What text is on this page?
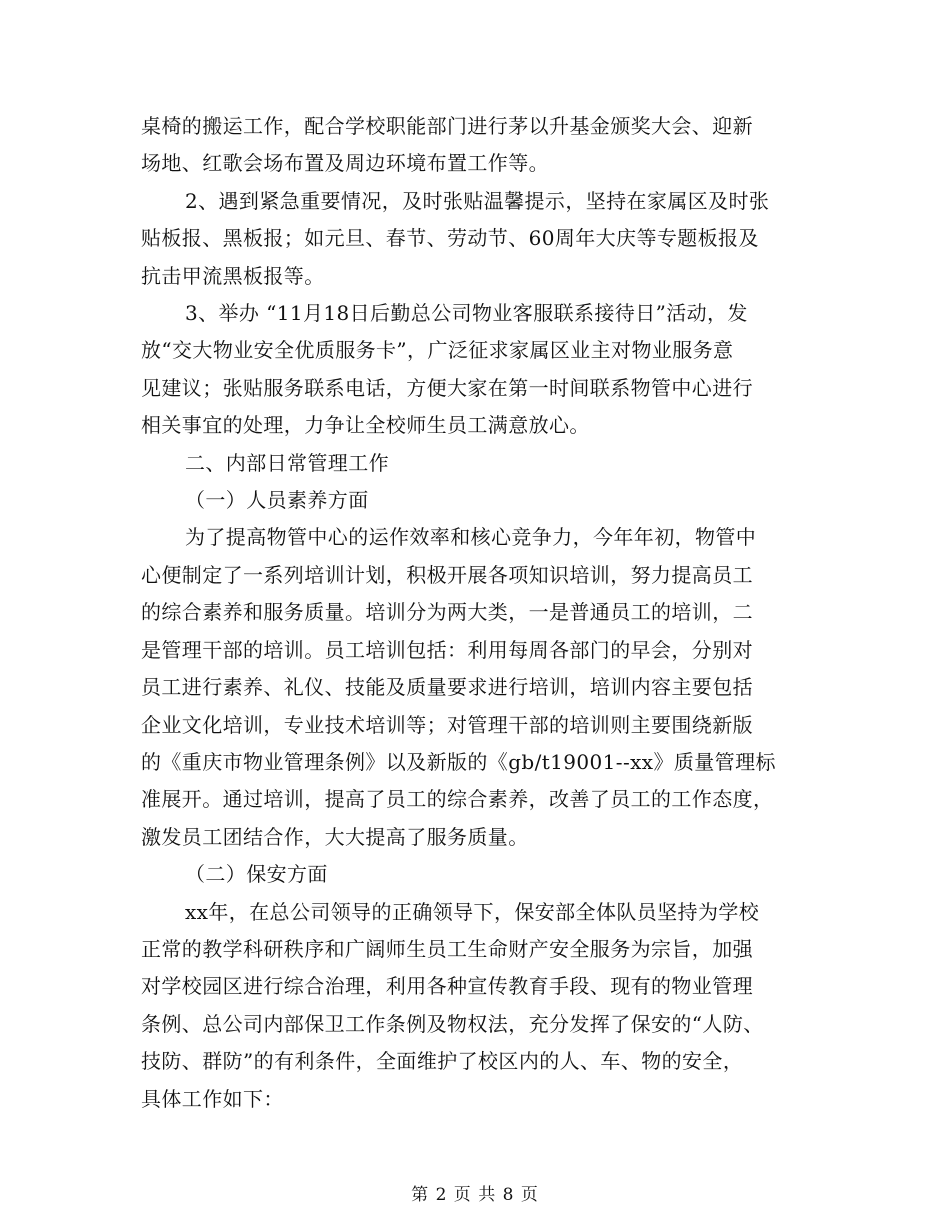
桌椅的搬运工作，配合学校职能部门进行茅以升基金颁奖大会、迎新
场地、红歌会场布置及周边环境布置工作等。
2、遇到紧急重要情况，及时张贴温馨提示，坚持在家属区及时张
贴板报、黑板报；如元旦、春节、劳动节、60周年大庆等专题板报及
抗击甲流黑板报等。
3、举办 “11月18日后勤总公司物业客服联系接待日”活动，发
放“交大物业安全优质服务卡”，广泛征求家属区业主对物业服务意
见建议；张贴服务联系电话，方便大家在第一时间联系物管中心进行
相关事宜的处理，力争让全校师生员工满意放心。
二、内部日常管理工作
（一）人员素养方面
为了提高物管中心的运作效率和核心竞争力，今年年初，物管中
心便制定了一系列培训计划，积极开展各项知识培训，努力提高员工
的综合素养和服务质量。培训分为两大类，一是普通员工的培训，二
是管理干部的培训。员工培训包括：利用每周各部门的早会，分别对
员工进行素养、礼仪、技能及质量要求进行培训，培训内容主要包括
企业文化培训，专业技术培训等；对管理干部的培训则主要围绕新版
的《重庆市物业管理条例》以及新版的《gb/t19001--xx》质量管理标
准展开。通过培训，提高了员工的综合素养，改善了员工的工作态度，
激发员工团结合作，大大提高了服务质量。
（二）保安方面
xx年，在总公司领导的正确领导下，保安部全体队员坚持为学校
正常的教学科研秩序和广阔师生员工生命财产安全服务为宗旨，加强
对学校园区进行综合治理，利用各种宣传教育手段、现有的物业管理
条例、总公司内部保卫工作条例及物权法，充分发挥了保安的“人防、
技防、群防”的有利条件，全面维护了校区内的人、车、物的安全，
具体工作如下：
第 2 页 共 8 页
